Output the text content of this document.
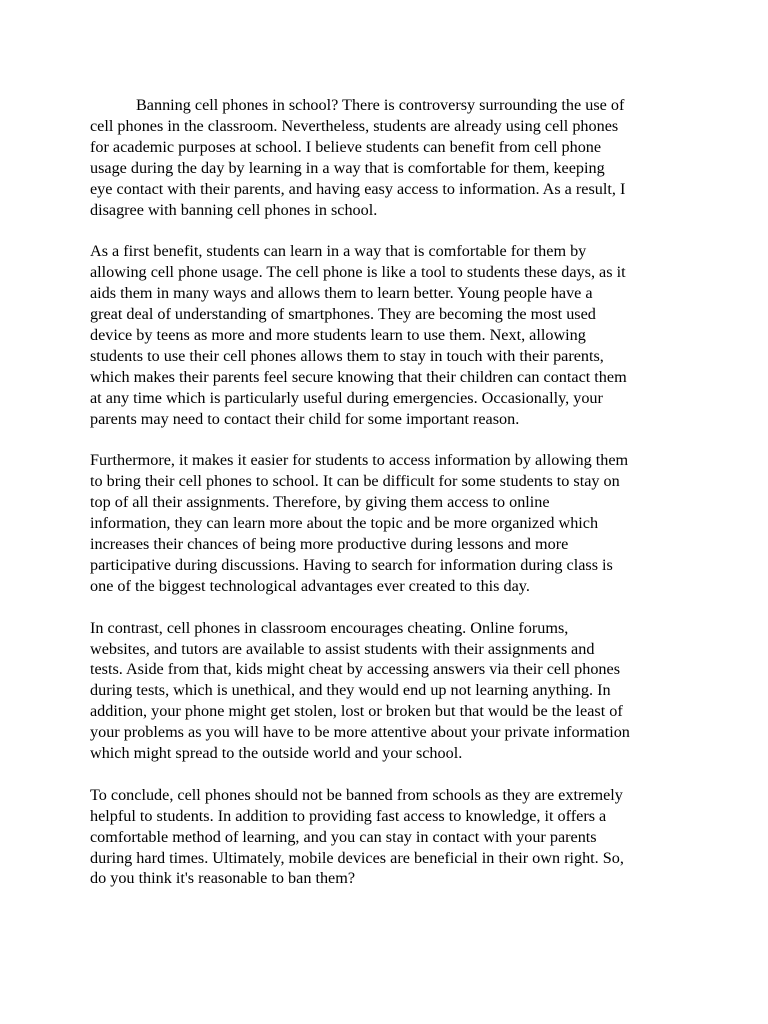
Banning cell phones in school? There is controversy surrounding the use of
cell phones in the classroom. Nevertheless, students are already using cell phones
for academic purposes at school. I believe students can benefit from cell phone
usage during the day by learning in a way that is comfortable for them, keeping
eye contact with their parents, and having easy access to information. As a result, I
disagree with banning cell phones in school.

As a first benefit, students can learn in a way that is comfortable for them by
allowing cell phone usage. The cell phone is like a tool to students these days, as it
aids them in many ways and allows them to learn better. Young people have a
great deal of understanding of smartphones. They are becoming the most used
device by teens as more and more students learn to use them. Next, allowing
students to use their cell phones allows them to stay in touch with their parents,
which makes their parents feel secure knowing that their children can contact them
at any time which is particularly useful during emergencies. Occasionally, your
parents may need to contact their child for some important reason.

Furthermore, it makes it easier for students to access information by allowing them
to bring their cell phones to school. It can be difficult for some students to stay on
top of all their assignments. Therefore, by giving them access to online
information, they can learn more about the topic and be more organized which
increases their chances of being more productive during lessons and more
participative during discussions. Having to search for information during class is
one of the biggest technological advantages ever created to this day.

In contrast, cell phones in classroom encourages cheating. Online forums,
websites, and tutors are available to assist students with their assignments and
tests. Aside from that, kids might cheat by accessing answers via their cell phones
during tests, which is unethical, and they would end up not learning anything. In
addition, your phone might get stolen, lost or broken but that would be the least of
your problems as you will have to be more attentive about your private information
which might spread to the outside world and your school.

To conclude, cell phones should not be banned from schools as they are extremely
helpful to students. In addition to providing fast access to knowledge, it offers a
comfortable method of learning, and you can stay in contact with your parents
during hard times. Ultimately, mobile devices are beneficial in their own right. So,
do you think it's reasonable to ban them?
